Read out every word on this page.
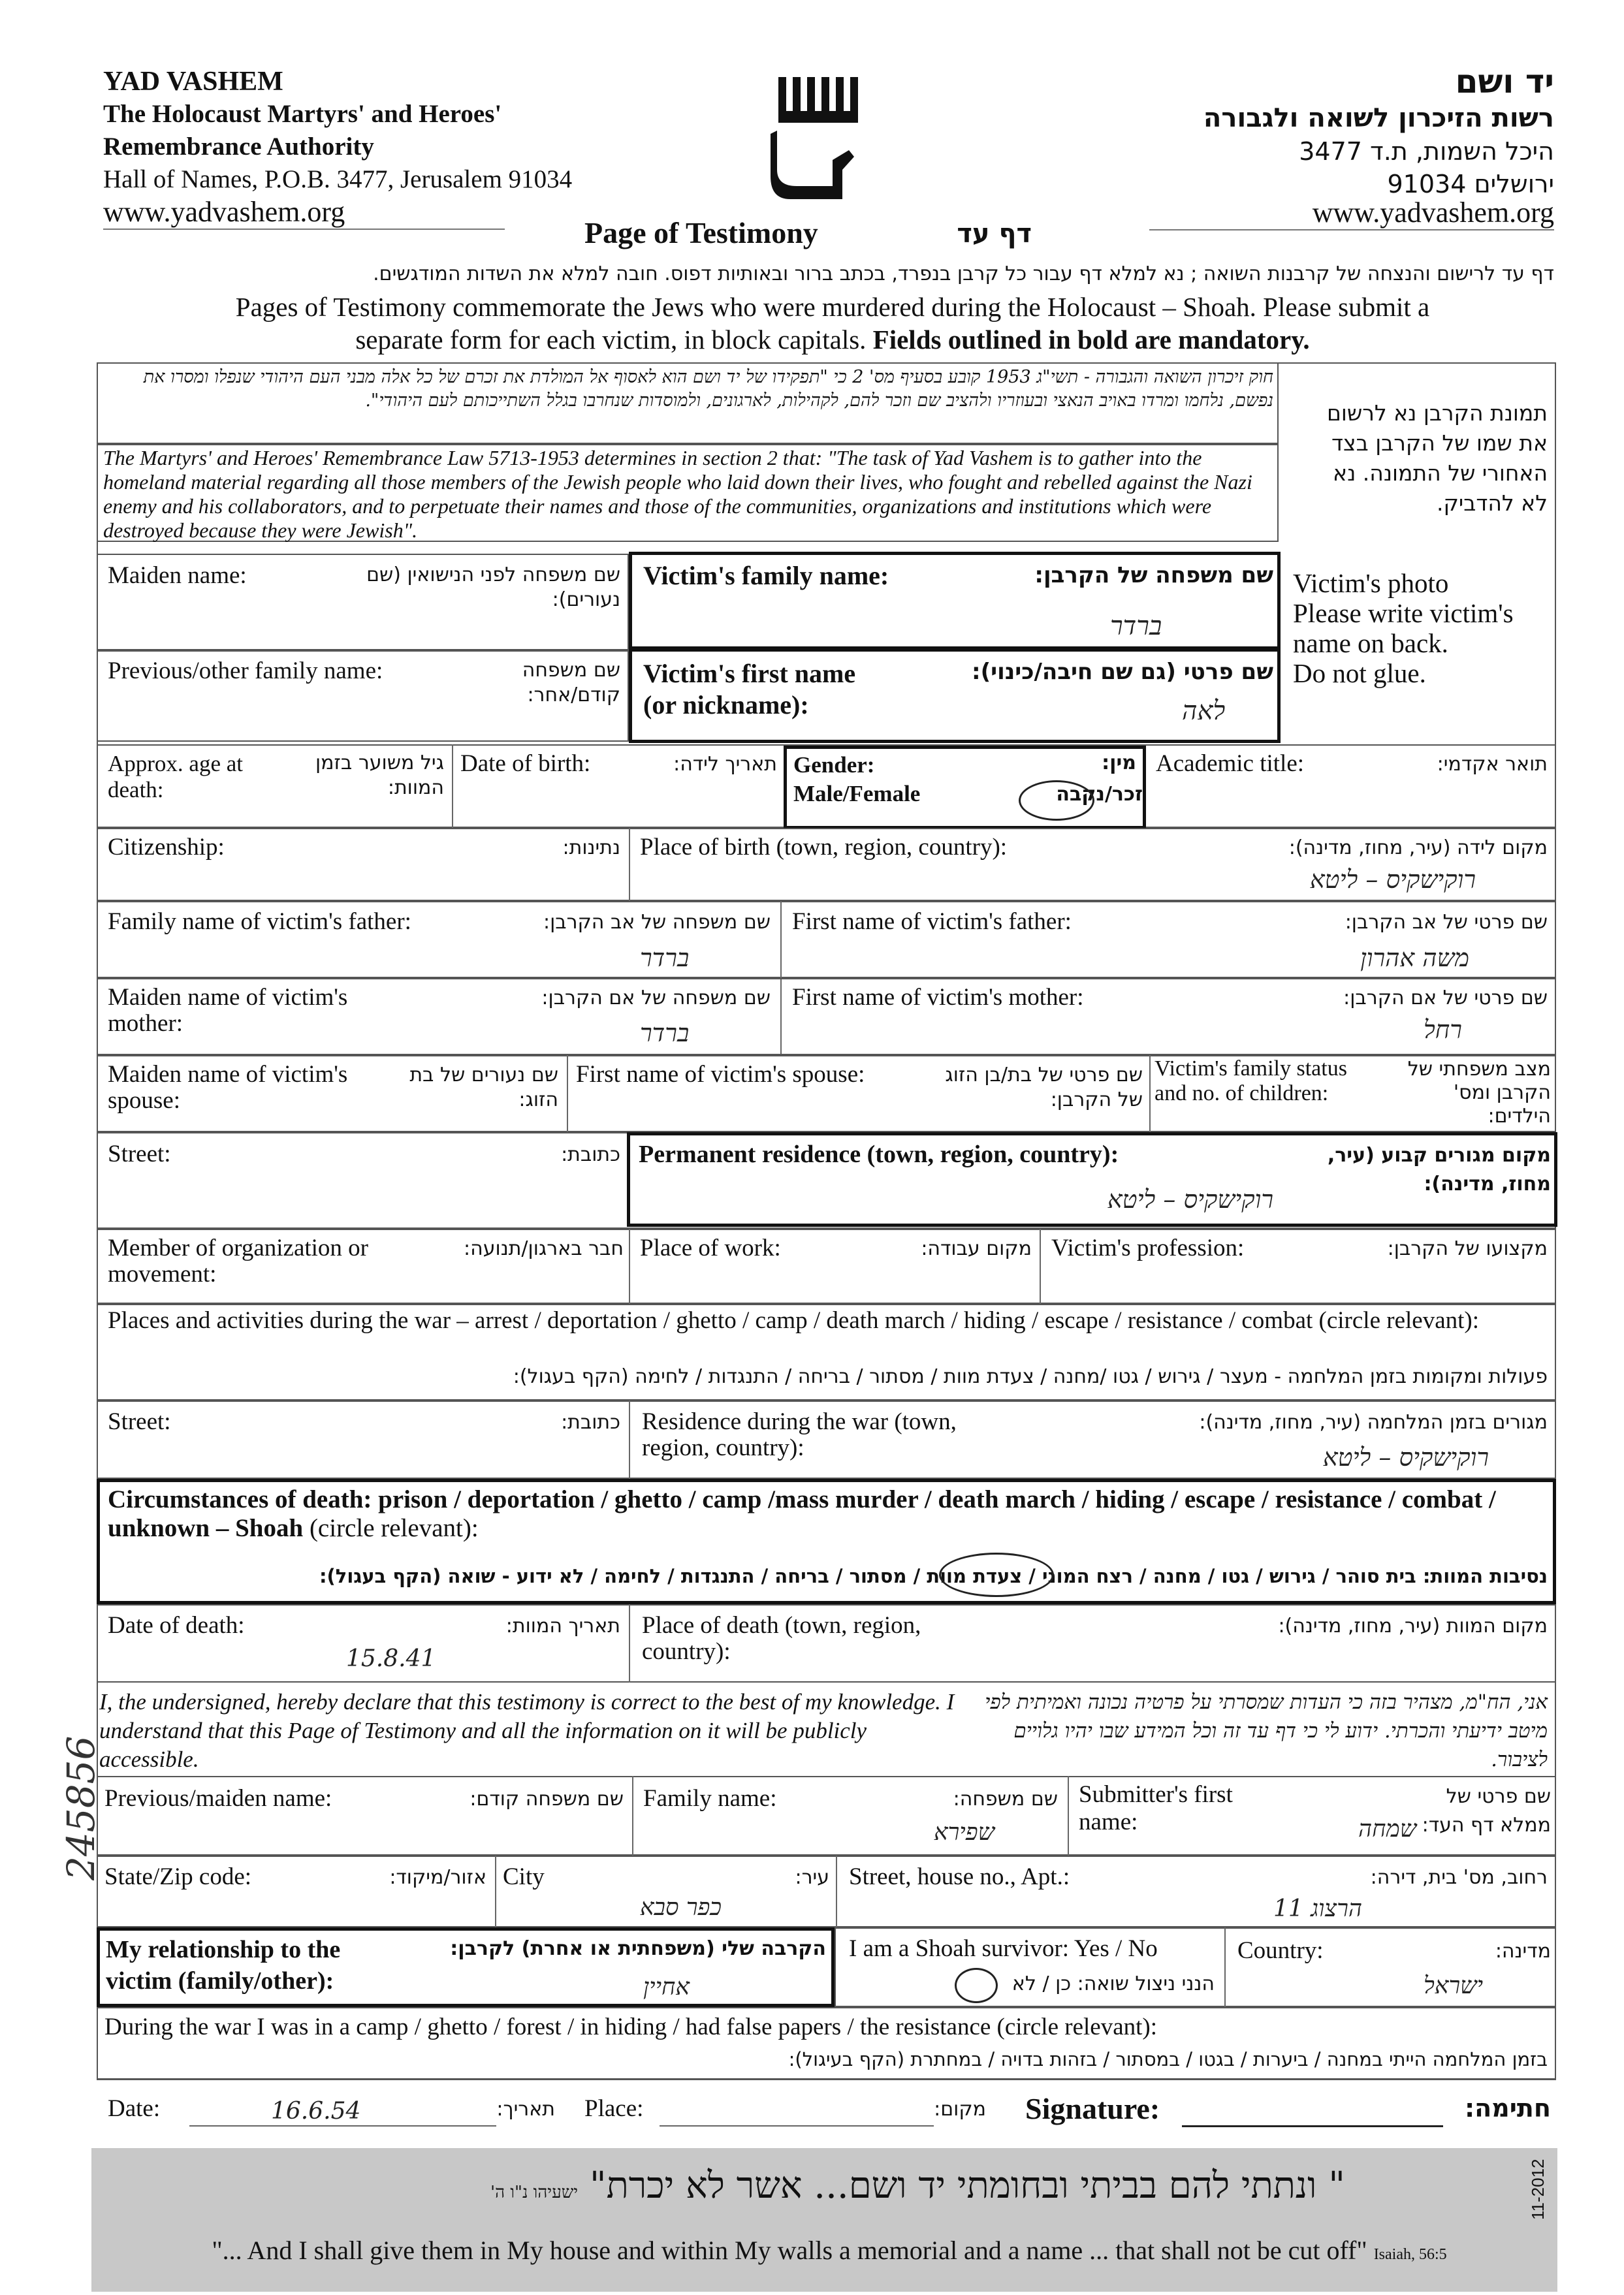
YAD VASHEM
The Holocaust Martyrs' and Heroes'
Remembrance Authority
Hall of Names, P.O.B. 3477, Jerusalem 91034
www.yadvashem.org
יד ושם
רשות הזיכרון לשואה ולגבורה
היכל השמות, ת.ד 3477
ירושלים 91034
www.yadvashem.org
Page of Testimony	דף עד
דף עד לרישום והנצחה של קרבנות השואה ; נא למלא דף עבור כל קרבן בנפרד, בכתב ברור ובאותיות דפוס. חובה למלא את השדות המודגשים.
Pages of Testimony commemorate the Jews who were murdered during the Holocaust – Shoah. Please submit a separate form for each victim, in block capitals. Fields outlined in bold are mandatory.
חוק זיכרון השואה והגבורה - תשי"ג 1953 קובע בסעיף מס' 2 כי "תפקידו של יד ושם הוא לאסוף אל המולדת את זכרם של כל אלה מבני העם היהודי שנפלו ומסרו את נפשם, נלחמו ומרדו באויב הנאצי ובעוזריו ולהציב שם וזכר להם, לקהילות, לארגונים, ולמוסדות שנחרבו בגלל השתייכותם לעם היהודי".
The Martyrs' and Heroes' Remembrance Law 5713-1953 determines in section 2 that: "The task of Yad Vashem is to gather into the homeland material regarding all those members of the Jewish people who laid down their lives, who fought and rebelled against the Nazi enemy and his collaborators, and to perpetuate their names and those of the communities, organizations and institutions which were destroyed because they were Jewish".
תמונת הקרבן נא לרשום את שמו של הקרבן בצד האחורי של התמונה. נא לא להדביק.
Victim's photo
Please write victim's
name on back.
Do not glue.
Maiden name:	שם משפחה לפני הנישואין (שם נעורים):
Victim's family name:	שם משפחה של הקרבן:
ברדר
Previous/other family name:	שם משפחה קודם/אחר:
Victim's first name (or nickname):
שם פרטי (גם שם חיבה/כינוי):
לאה
Approx. age at death:
גיל משוער בזמן המוות:
Date of birth:	תאריך לידה: Gender: Male/Female
מין:
זכר/נקבה
Academic title:	תואר אקדמי:
Citizenship:	נתינות: Place of birth (town, region, country):	מקום לידה (עיר, מחוז, מדינה):
רוקישקיס – ליטא
Family name of victim's father:	שם משפחה של אב הקרבן:
ברדר
First name of victim's father:	שם פרטי של אב הקרבן:
משה אהרון
Maiden name of victim's mother:
שם משפחה של אם הקרבן:
ברדר
First name of victim's mother:	שם פרטי של אם הקרבן:
רחל
Maiden name of victim's spouse:
שם נעורים של בת הזוג:
First name of victim's spouse:	שם פרטי של בת/בן הזוג של הקרבן:
Victim's family status and no. of children:
מצב משפחתי של הקרבן ומס' הילדים:
Street:	כתובת: Permanent residence (town, region, country):	מקום מגורים קבוע (עיר, מחוז, מדינה):
רוקישקיס – ליטא
Member of organization or movement:
חבר בארגון/תנועה: Place of work:	מקום עבודה: Victim's profession:	מקצועו של הקרבן:
Places and activities during the war – arrest / deportation / ghetto / camp / death march / hiding / escape / resistance / combat (circle relevant):
פעולות ומקומות בזמן המלחמה - מעצר / גירוש / גטו /מחנה / צעדת מוות / מסתור / בריחה / התנגדות / לחימה (הקף בעגול):
Street:	כתובת: Residence during the war (town, region, country):
מגורים בזמן המלחמה (עיר, מחוז, מדינה):
רוקישקיס – ליטא
Circumstances of death: prison / deportation / ghetto / camp /mass murder / death march / hiding / escape / resistance / combat / unknown – Shoah (circle relevant):
נסיבות המוות: בית סוהר / גירוש / גטו / מחנה / רצח המוני / צעדת מוות / מסתור / בריחה / התנגדות / לחימה / לא ידוע - שואה (הקף בעגול):
Date of death:	תאריך המוות:
15.8.41
Place of death (town, region, country):
מקום המוות (עיר, מחוז, מדינה):
I, the undersigned, hereby declare that this testimony is correct to the best of my knowledge. I understand that this Page of Testimony and all the information on it will be publicly accessible.
אני, הח"מ, מצהיר בזה כי העדות שמסרתי על פרטיה נכונה ואמיתית לפי מיטב ידיעתי והכרתי. ידוע לי כי דף עד זה וכל המידע שבו יהיו גלויים לציבור.
Previous/maiden name:	שם משפחה קודם: Family name:	שם משפחה:
שפירא
Submitter's first name:
שם פרטי של ממלא דף העד:
שמחה
State/Zip code:	אזור/מיקוד: City	עיר:
כפר סבא
Street, house no., Apt.:	רחוב, מס' בית, דירה:
הרצוג 11
My relationship to the victim (family/other):
הקרבה שלי (משפחתית או אחרת) לקרבן:
אחיין
I am a Shoah survivor: Yes / No
הנני ניצול שואה: כן / לא
Country:	מדינה:
ישראל
During the war I was in a camp / ghetto / forest / in hiding / had false papers / the resistance (circle relevant):
בזמן המלחמה הייתי במחנה / ביערות / בגטו / במסתור / בזהות בדויה / במחתרת (הקף בעיגול):
Date:	16.6.54	תאריך: Place:	מקום: Signature:	חתימה:
" ונתתי להם בביתי ובחומתי יד ושם... אשר לא יכרת" ישעיהו נ"ו ה'
"... And I shall give them in My house and within My walls a memorial and a name ... that shall not be cut off" Isaiah, 56:5
11-2012
245856
